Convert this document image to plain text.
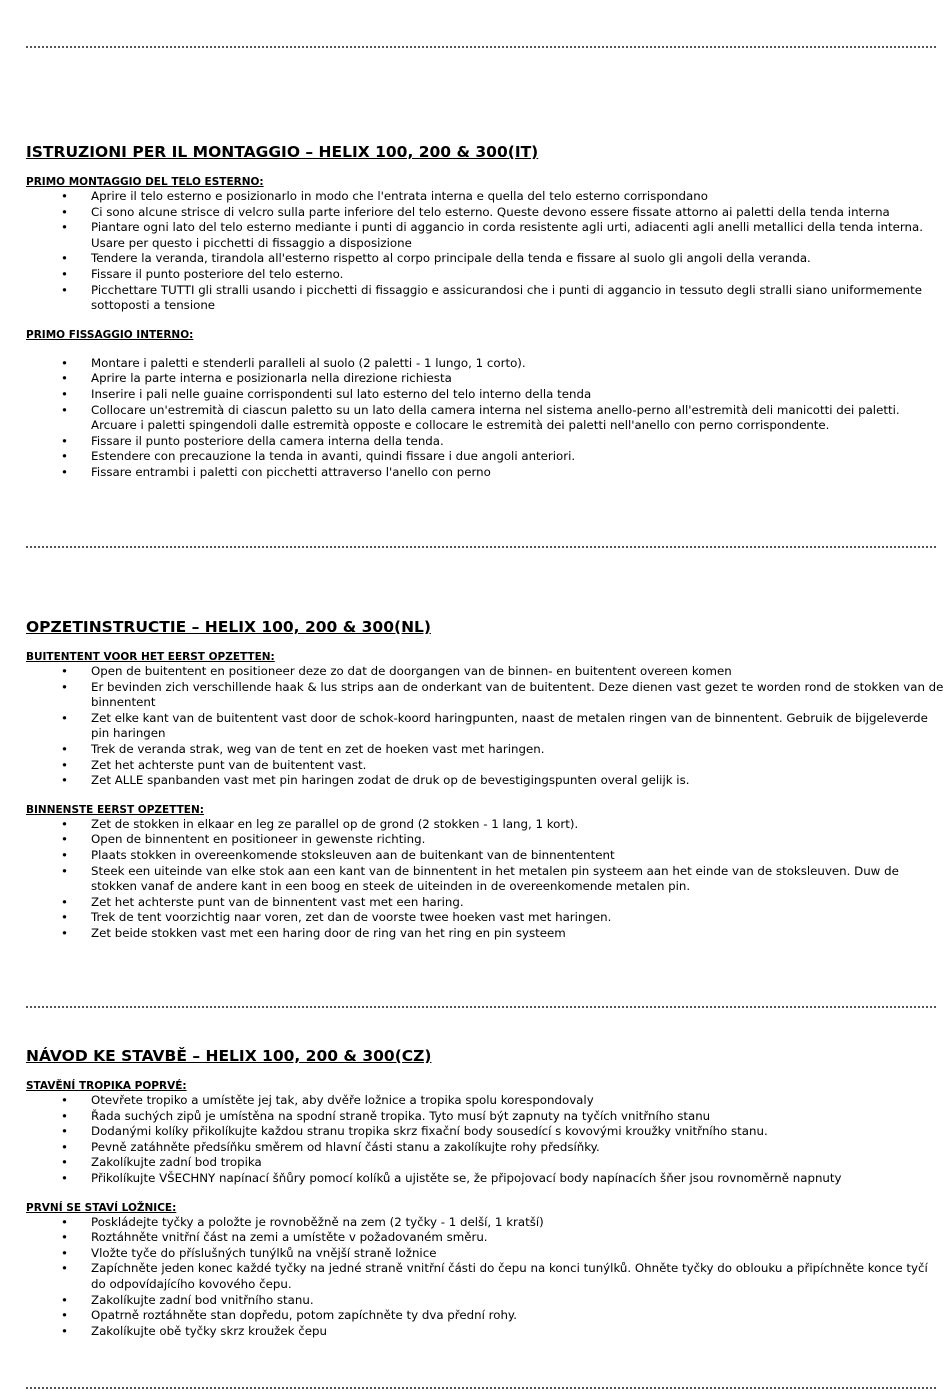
ISTRUZIONI PER IL MONTAGGIO – HELIX 100, 200 & 300(IT)
PRIMO MONTAGGIO DEL TELO ESTERNO:
• Aprire il telo esterno e posizionarlo in modo che l'entrata interna e quella del telo esterno corrispondano
• Ci sono alcune strisce di velcro sulla parte inferiore del telo esterno. Queste devono essere fissate attorno ai paletti della tenda interna
• Piantare ogni lato del telo esterno mediante i punti di aggancio in corda resistente agli urti, adiacenti agli anelli metallici della tenda interna. Usare per questo i picchetti di fissaggio a disposizione
• Tendere la veranda, tirandola all'esterno rispetto al corpo principale della tenda e fissare al suolo gli angoli della veranda.
• Fissare il punto posteriore del telo esterno.
• Picchettare TUTTI gli stralli usando i picchetti di fissaggio e assicurandosi che i punti di aggancio in tessuto degli stralli siano uniformemente sottoposti a tensione
PRIMO FISSAGGIO INTERNO:
• Montare i paletti e stenderli paralleli al suolo (2 paletti - 1 lungo, 1 corto).
• Aprire la parte interna e posizionarla nella direzione richiesta
• Inserire i pali nelle guaine corrispondenti sul lato esterno del telo interno della tenda
• Collocare un'estremità di ciascun paletto su un lato della camera interna nel sistema anello-perno all'estremità deli manicotti dei paletti. Arcuare i paletti spingendoli dalle estremità opposte e collocare le estremità dei paletti nell'anello con perno corrispondente.
• Fissare il punto posteriore della camera interna della tenda.
• Estendere con precauzione la tenda in avanti, quindi fissare i due angoli anteriori.
• Fissare entrambi i paletti con picchetti attraverso l'anello con perno
OPZETINSTRUCTIE – HELIX 100, 200 & 300(NL)
BUITENTENT VOOR HET EERST OPZETTEN:
• Open de buitentent en positioneer deze zo dat de doorgangen van de binnen- en buitentent overeen komen
• Er bevinden zich verschillende haak & lus strips aan de onderkant van de buitentent. Deze dienen vast gezet te worden rond de stokken van de binnentent
• Zet elke kant van de buitentent vast door de schok-koord haringpunten, naast de metalen ringen van de binnentent. Gebruik de bijgeleverde pin haringen
• Trek de veranda strak, weg van de tent en zet de hoeken vast met haringen.
• Zet het achterste punt van de buitentent vast.
• Zet ALLE spanbanden vast met pin haringen zodat de druk op de bevestigingspunten overal gelijk is.
BINNENSTE EERST OPZETTEN:
• Zet de stokken in elkaar en leg ze parallel op de grond (2 stokken - 1 lang, 1 kort).
• Open de binnentent en positioneer in gewenste richting.
• Plaats stokken in overeenkomende stoksleuven aan de buitenkant van de binnententent
• Steek een uiteinde van elke stok aan een kant van de binnentent in het metalen pin systeem aan het einde van de stoksleuven. Duw de stokken vanaf de andere kant in een boog en steek de uiteinden in de overeenkomende metalen pin.
• Zet het achterste punt van de binnentent vast met een haring.
• Trek de tent voorzichtig naar voren, zet dan de voorste twee hoeken vast met haringen.
• Zet beide stokken vast met een haring door de ring van het ring en pin systeem
NÁVOD KE STAVBĚ – HELIX 100, 200 & 300(CZ)
STAVĚNÍ TROPIKA POPRVÉ:
• Otevřete tropiko a umístěte jej tak, aby dvěře ložnice a tropika spolu korespondovaly
• Řada suchých zipů je umístěna na spodní straně tropika. Tyto musí být zapnuty na tyčích vnitřního stanu
• Dodanými kolíky přikolíkujte každou stranu tropika skrz fixační body sousedící s kovovými kroužky vnitřního stanu.
• Pevně zatáhněte předsíňku směrem od hlavní části stanu a zakolíkujte rohy předsíňky.
• Zakolíkujte zadní bod tropika
• Přikolíkujte VŠECHNY napínací šňůry pomocí kolíků a ujistěte se, že připojovací body napínacích šňer jsou rovnoměrně napnuty
PRVNÍ SE STAVÍ LOŽNICE:
• Poskládejte tyčky a položte je rovnoběžně na zem (2 tyčky - 1 delší, 1 kratší)
• Roztáhněte vnitřní část na zemi a umístěte v požadovaném směru.
• Vložte tyče do příslušných tunýlků na vnější straně ložnice
• Zapíchněte jeden konec každé tyčky na jedné straně vnitřní části do čepu na konci tunýlků. Ohněte tyčky do oblouku a připíchněte konce tyčí do odpovídajícího kovového čepu.
• Zakolíkujte zadní bod vnitřního stanu.
• Opatrně roztáhněte stan dopředu, potom zapíchněte ty dva přední rohy.
• Zakolíkujte obě tyčky skrz kroužek čepu
